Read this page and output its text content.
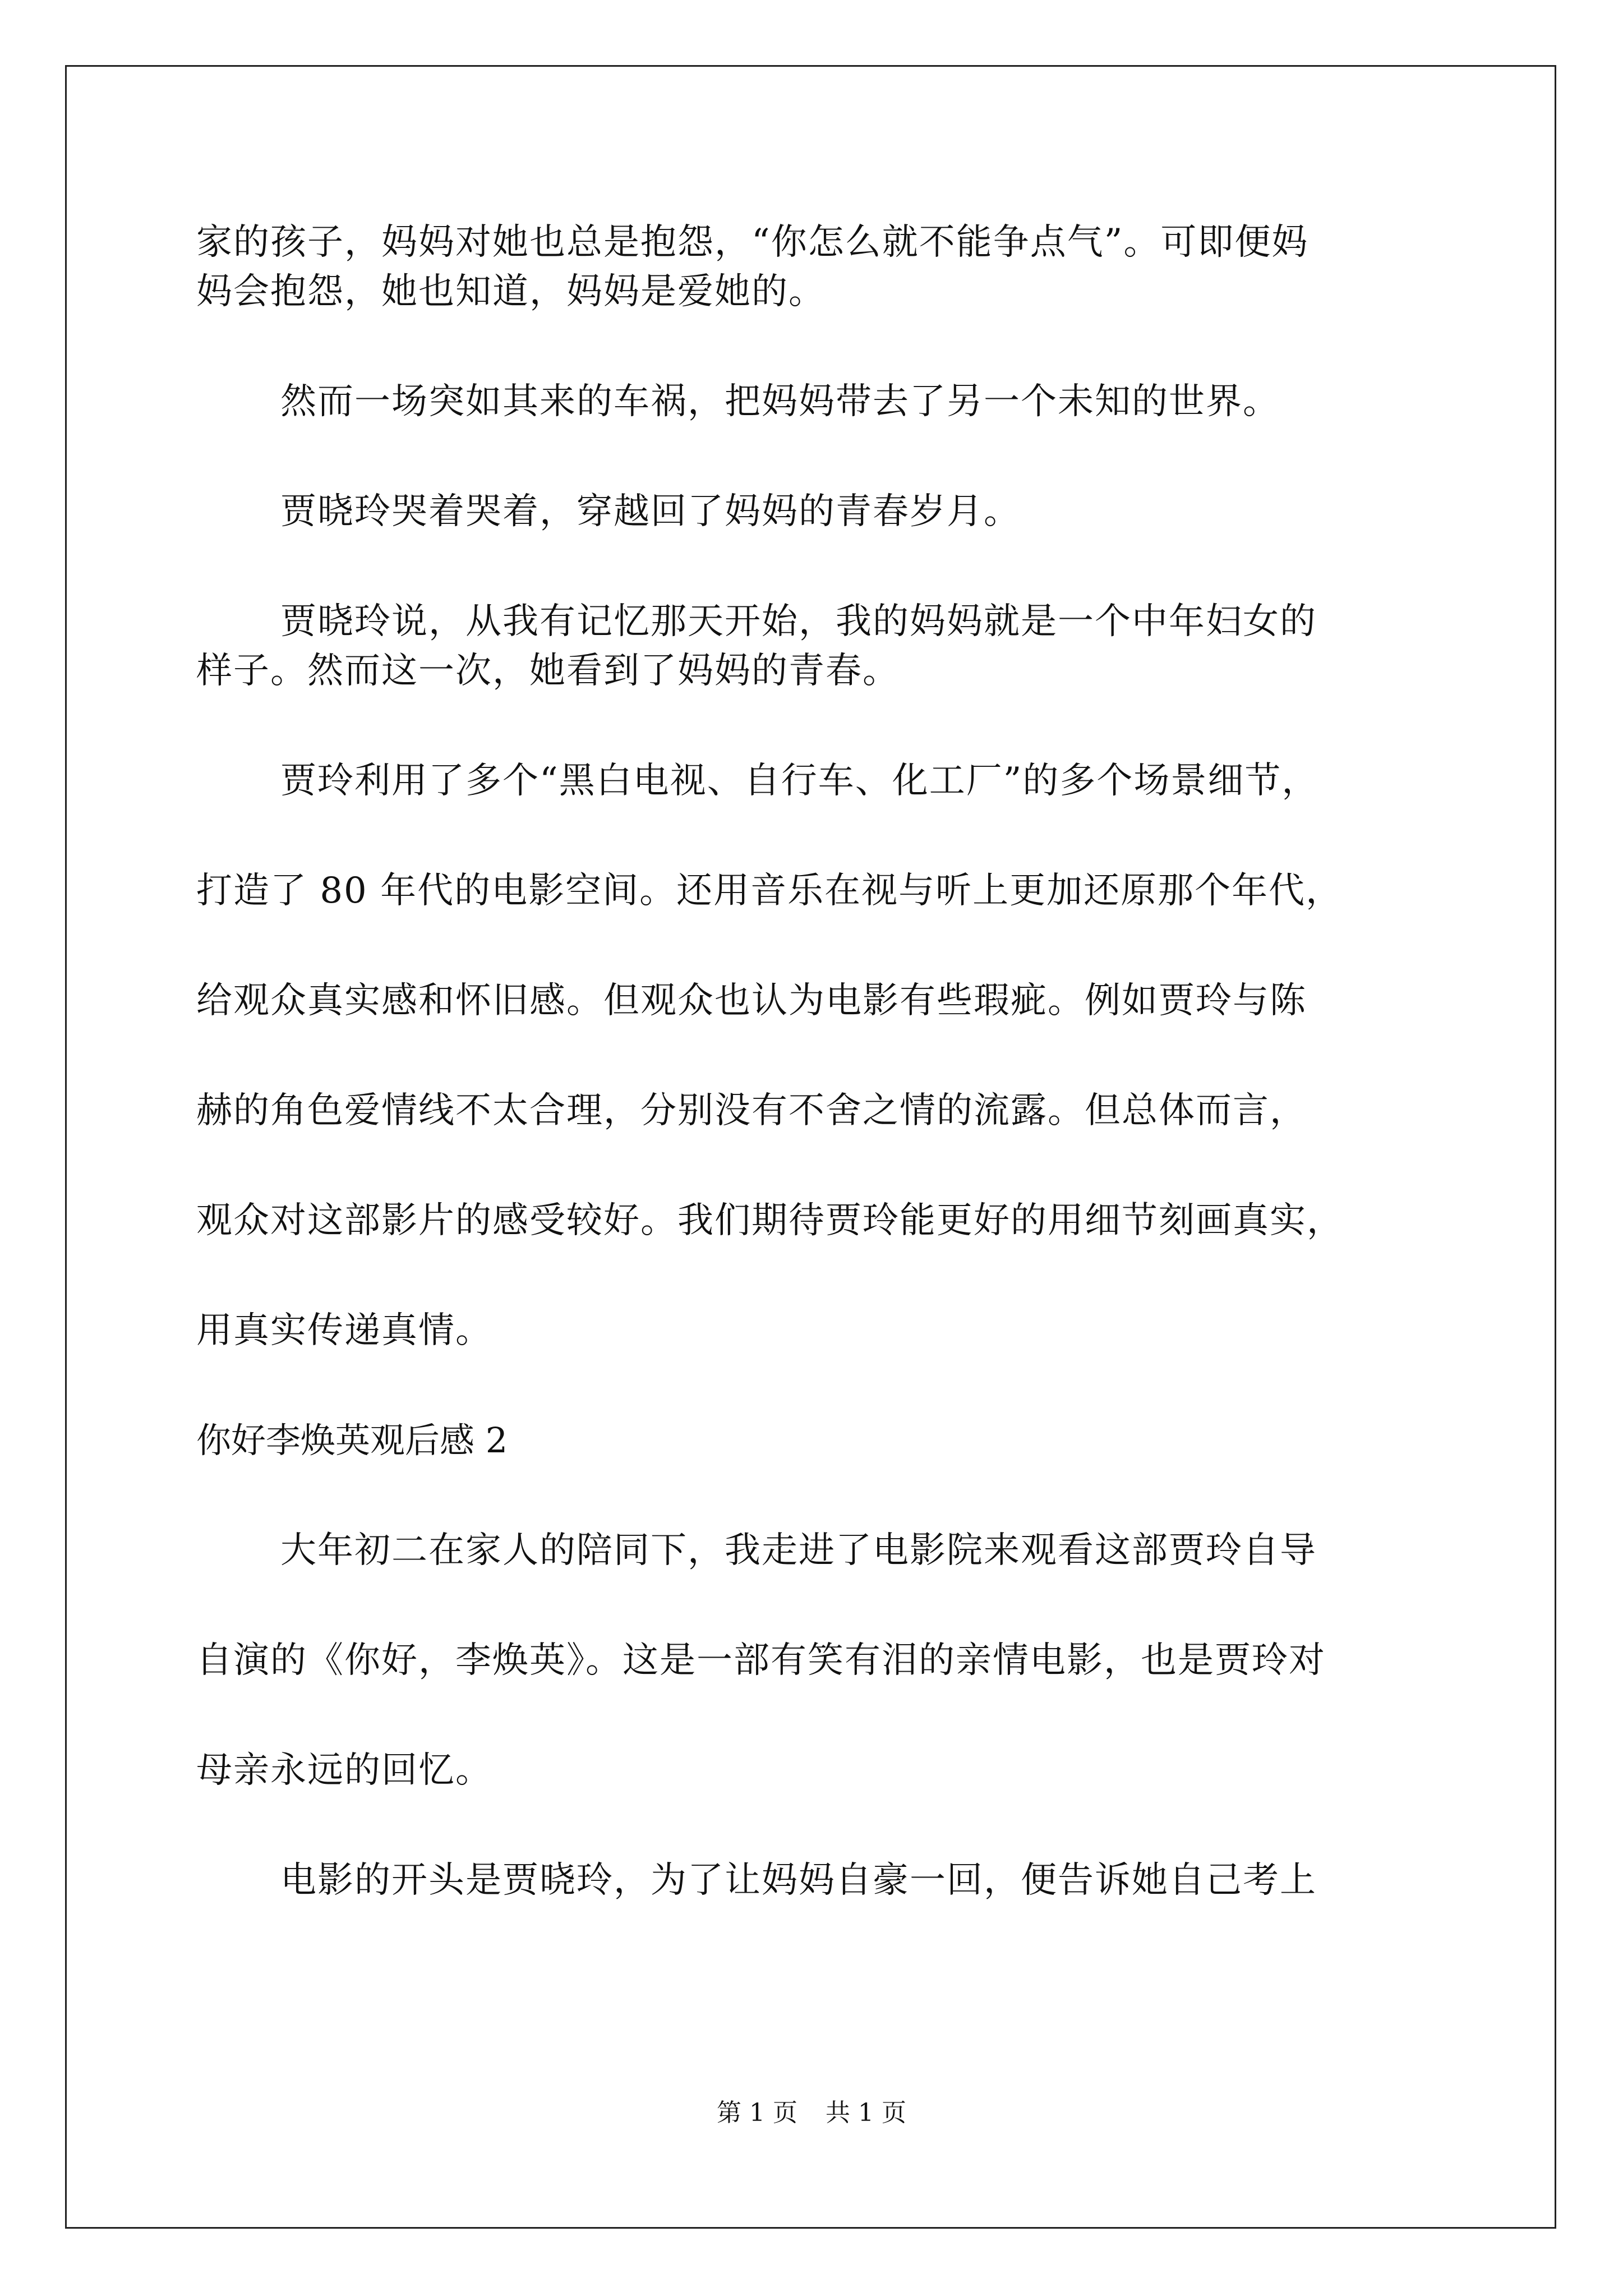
家的孩子，妈妈对她也总是抱怨，“你怎么就不能争点气”。可即便妈

妈会抱怨，她也知道，妈妈是爱她的。

然而一场突如其来的车祸，把妈妈带去了另一个未知的世界。

贾晓玲哭着哭着，穿越回了妈妈的青春岁月。

贾晓玲说，从我有记忆那天开始，我的妈妈就是一个中年妇女的

样子。然而这一次，她看到了妈妈的青春。

贾玲利用了多个“黑白电视、自行车、化工厂”的多个场景细节，

打造了 80 年代的电影空间。还用音乐在视与听上更加还原那个年代，

给观众真实感和怀旧感。但观众也认为电影有些瑕疵。例如贾玲与陈

赫的角色爱情线不太合理，分别没有不舍之情的流露。但总体而言，

观众对这部影片的感受较好。我们期待贾玲能更好的用细节刻画真实，

用真实传递真情。

你好李焕英观后感 2

大年初二在家人的陪同下，我走进了电影院来观看这部贾玲自导

自演的《你好，李焕英》。这是一部有笑有泪的亲情电影，也是贾玲对

母亲永远的回忆。

电影的开头是贾晓玲，为了让妈妈自豪一回，便告诉她自己考上

第 1 页 共 1 页
